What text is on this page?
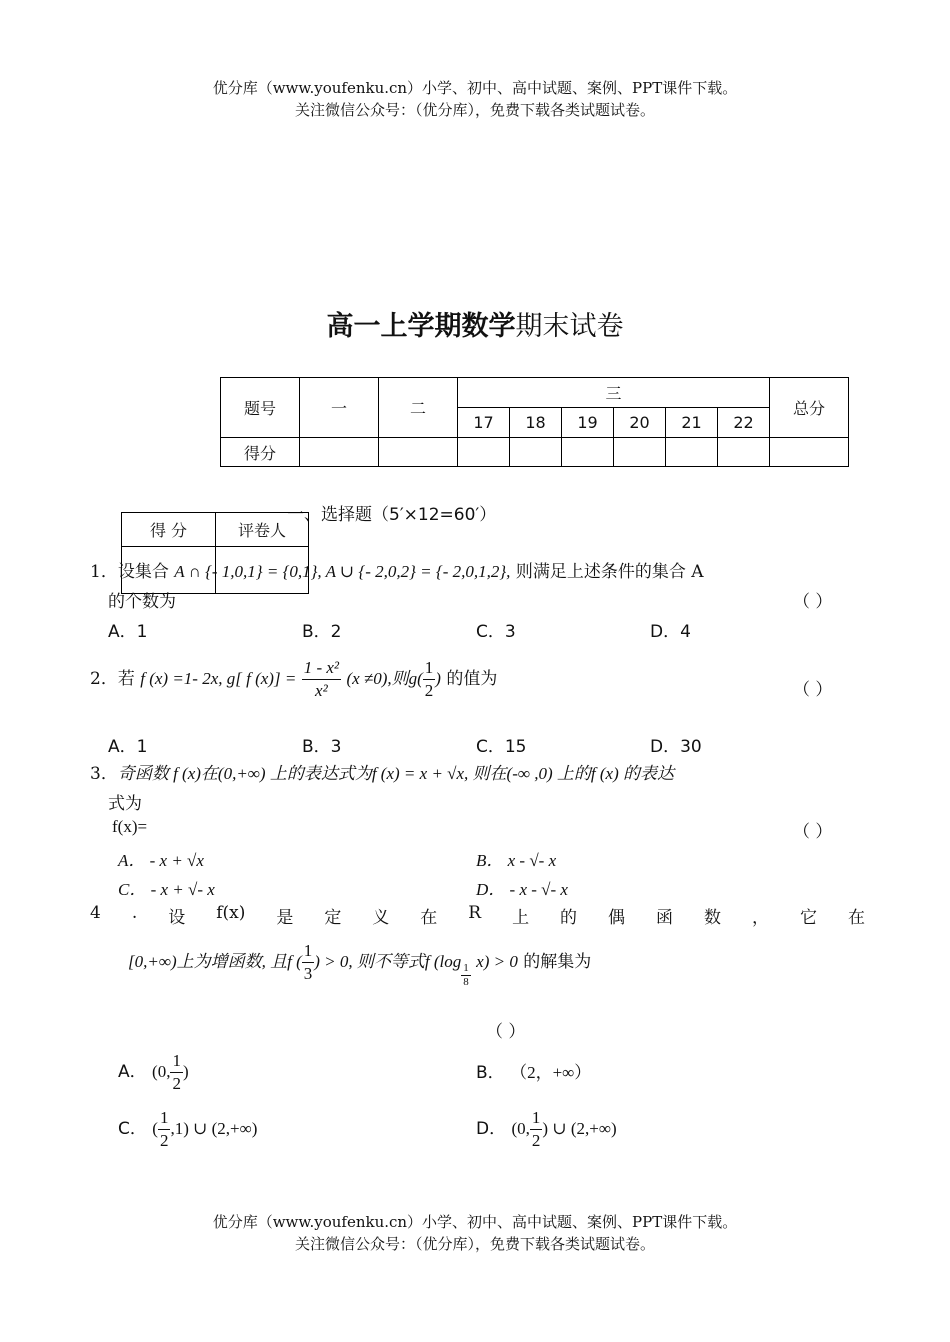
优分库（www.youfenku.cn）小学、初中、高中试题、案例、PPT课件下载。
关注微信公众号：（优分库），免费下载各类试题试卷。
高一上学期数学期末试卷
题号	一	二	三						总分
			17	18	19	20	21	22	
得分									
一、选择题（5′×12=60′）
得 分	评卷人

1．设集合 A ∩ {- 1,0,1} = {0,1}, A ∪ {- 2,0,2} = {- 2,0,1,2}, 则满足上述条件的集合 A
的个数为	（ ）
A．1	B．2	C．3	D．4
2．若 f (x) =1- 2x, g[ f $(x)] = \frac{\text{1 - x²}}{\text{x²}} (x \ne 0)$,则$g( \frac{1}{2}$ ) 的值为
（ ）
A．1	B．3	C．15	D．30
3．奇函数 f (x)在(0,+∞) 上的表达式为f (x) = x + √x, 则在(-∞ ,0) 上的f (x) 的表达
式为
f(x)=	（ ）
A． - x + √x	B． x - √- x
C． - x + √- x	D． - x - √- x
4 . 设 f(x) 是 定 义 在 R 上 的 偶 函 数 ， 它 在
[0,+∞)上为增函数, 且f ( $\frac{1}{3}$ ) > 0, 则不等式f (log
$\frac{1}{8}$
x) > 0 的解集为
（ ）
A． (0, $\frac{1}{2}$ )	B． （2，+∞）
C． ( $\frac{1}{2} ,1$) ∪ (2,+∞)	D． (0, $\frac{1}{2}$ ) ∪ (2,+∞)
优分库（www.youfenku.cn）小学、初中、高中试题、案例、PPT课件下载。
关注微信公众号：（优分库），免费下载各类试题试卷。
